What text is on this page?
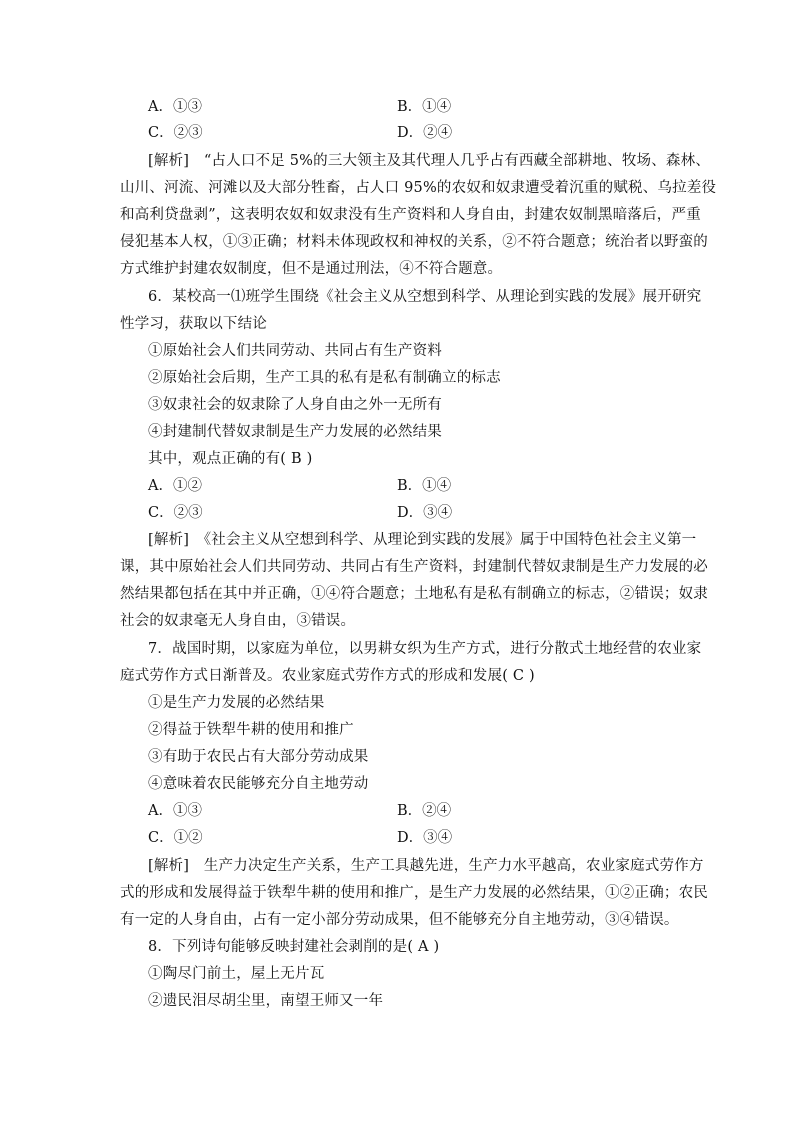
A．①③	B．①④
C．②③	D．②④
[解析]　“占人口不足 5%的三大领主及其代理人几乎占有西藏全部耕地、牧场、森林、
山川、河流、河滩以及大部分牲畜，占人口 95%的农奴和奴隶遭受着沉重的赋税、乌拉差役
和高利贷盘剥”，这表明农奴和奴隶没有生产资料和人身自由，封建农奴制黑暗落后，严重
侵犯基本人权，①③正确；材料未体现政权和神权的关系，②不符合题意；统治者以野蛮的
方式维护封建农奴制度，但不是通过刑法，④不符合题意。
6．某校高一⑴班学生围绕《社会主义从空想到科学、从理论到实践的发展》展开研究
性学习，获取以下结论
①原始社会人们共同劳动、共同占有生产资料
②原始社会后期，生产工具的私有是私有制确立的标志
③奴隶社会的奴隶除了人身自由之外一无所有
④封建制代替奴隶制是生产力发展的必然结果
其中，观点正确的有( B )
A．①②	B．①④
C．②③	D．③④
[解析]　《社会主义从空想到科学、从理论到实践的发展》属于中国特色社会主义第一
课，其中原始社会人们共同劳动、共同占有生产资料，封建制代替奴隶制是生产力发展的必
然结果都包括在其中并正确，①④符合题意；土地私有是私有制确立的标志，②错误；奴隶
社会的奴隶毫无人身自由，③错误。
7．战国时期，以家庭为单位，以男耕女织为生产方式，进行分散式土地经营的农业家
庭式劳作方式日渐普及。农业家庭式劳作方式的形成和发展( C )
①是生产力发展的必然结果
②得益于铁犁牛耕的使用和推广
③有助于农民占有大部分劳动成果
④意味着农民能够充分自主地劳动
A．①③	B．②④
C．①②	D．③④
[解析]　生产力决定生产关系，生产工具越先进，生产力水平越高，农业家庭式劳作方
式的形成和发展得益于铁犁牛耕的使用和推广，是生产力发展的必然结果，①②正确；农民
有一定的人身自由，占有一定小部分劳动成果，但不能够充分自主地劳动，③④错误。
8．下列诗句能够反映封建社会剥削的是( A )
①陶尽门前土，屋上无片瓦
②遗民泪尽胡尘里，南望王师又一年
